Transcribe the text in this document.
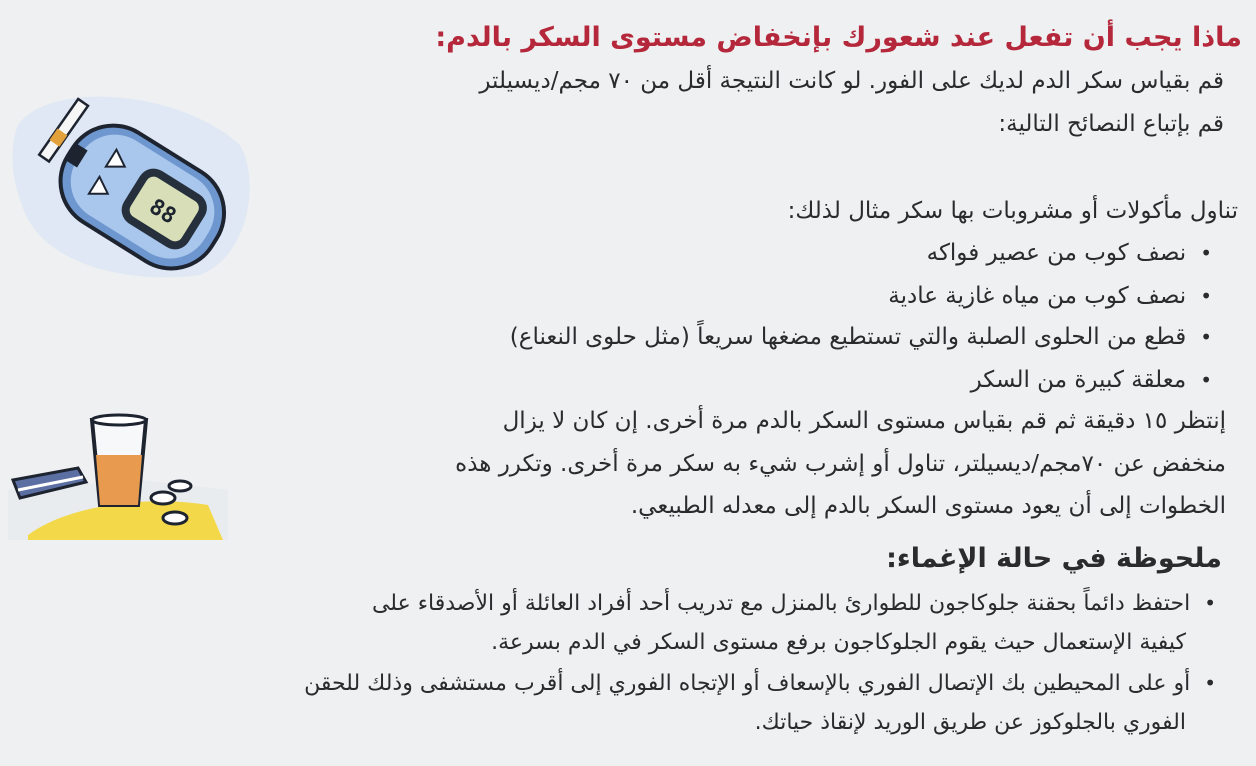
ماذا يجب أن تفعل عند شعورك بإنخفاض مستوى السكر بالدم:
قم بقياس سكر الدم لديك على الفور. لو كانت النتيجة أقل من ٧٠ مجم/ديسيلتر
قم بإتباع النصائح التالية:
تناول مأكولات أو مشروبات بها سكر مثال لذلك:
• نصف كوب من عصير فواكه
• نصف كوب من مياه غازية عادية
• قطع من الحلوى الصلبة والتي تستطيع مضغها سريعاً (مثل حلوى النعناع)
• معلقة كبيرة من السكر
إنتظر ١٥ دقيقة ثم قم بقياس مستوى السكر بالدم مرة أخرى. إن كان لا يزال
منخفض عن ٧٠مجم/ديسيلتر، تناول أو إشرب شيء به سكر مرة أخرى. وتكرر هذه
الخطوات إلى أن يعود مستوى السكر بالدم إلى معدله الطبيعي.
ملحوظة في حالة الإغماء:
• احتفظ دائماً بحقنة جلوكاجون للطوارئ بالمنزل مع تدريب أحد أفراد العائلة أو الأصدقاء على
كيفية الإستعمال حيث يقوم الجلوكاجون برفع مستوى السكر في الدم بسرعة.
• أو على المحيطين بك الإتصال الفوري بالإسعاف أو الإتجاه الفوري إلى أقرب مستشفى وذلك للحقن
الفوري بالجلوكوز عن طريق الوريد لإنقاذ حياتك.
88
